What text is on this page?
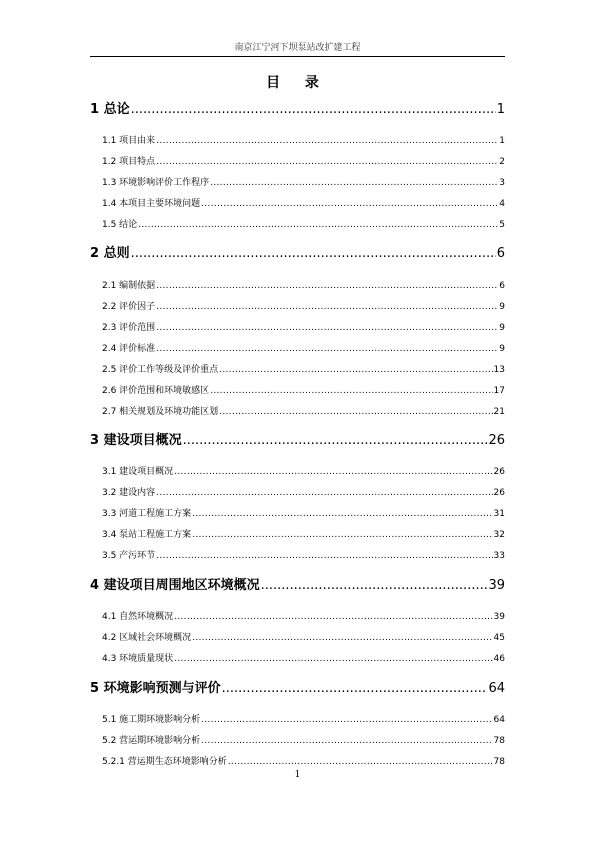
南京江宁河下坝泵站改扩建工程
目 录
1 总论 .....	1
1.1 项目由来 .....	1
1.2 项目特点 .....	2
1.3 环境影响评价工作程序 .....	3
1.4 本项目主要环境问题 .....	4
1.5 结论 .....	5
2 总则 .....	6
2.1 编制依据 .....	6
2.2 评价因子 .....	9
2.3 评价范围 .....	9
2.4 评价标准 .....	9
2.5 评价工作等级及评价重点 .....	13
2.6 评价范围和环境敏感区 .....	17
2.7 相关规划及环境功能区划 .....	21
3 建设项目概况 .....	26
3.1 建设项目概况 .....	26
3.2 建设内容 .....	26
3.3 河道工程施工方案 .....	31
3.4 泵站工程施工方案 .....	32
3.5 产污环节 .....	33
4 建设项目周围地区环境概况 .....	39
4.1 自然环境概况 .....	39
4.2 区域社会环境概况 .....	45
4.3 环境质量现状 .....	46
5 环境影响预测与评价 .....	64
5.1 施工期环境影响分析 .....	64
5.2 营运期环境影响分析 .....	78
5.2.1 营运期生态环境影响分析 .....	78
1
